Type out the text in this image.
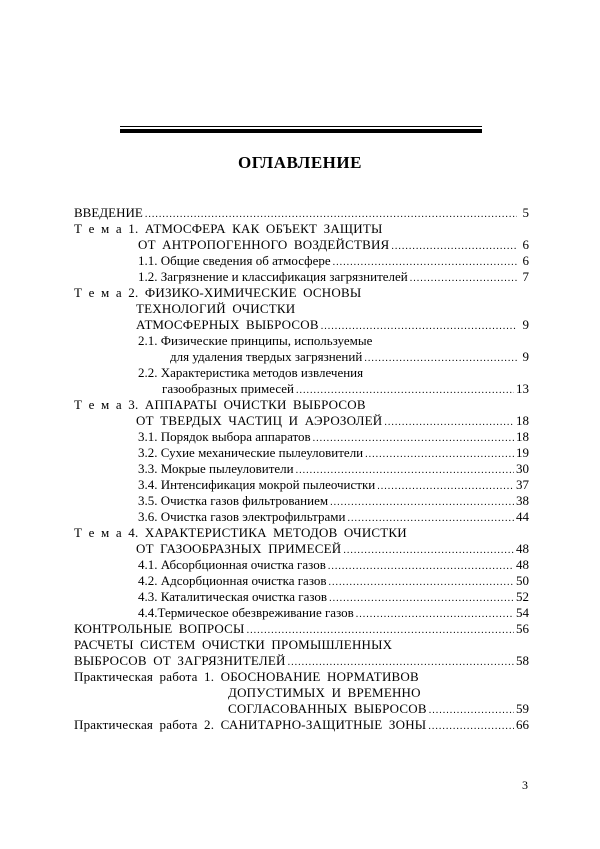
ОГЛАВЛЕНИЕ
ВВЕДЕНИЕ .....	5
Т е м а 1. АТМОСФЕРА КАК ОБЪЕКТ ЗАЩИТЫ
ОТ АНТРОПОГЕННОГО ВОЗДЕЙСТВИЯ .....	6
1.1. Общие сведения об атмосфере .....	6
1.2. Загрязнение и классификация загрязнителей .....	7
Т е м а 2. ФИЗИКО-ХИМИЧЕСКИЕ ОСНОВЫ
ТЕХНОЛОГИЙ ОЧИСТКИ
АТМОСФЕРНЫХ ВЫБРОСОВ .....	9
2.1. Физические принципы, используемые
для удаления твердых загрязнений .....	9
2.2. Характеристика методов извлечения
газообразных примесей .....	13
Т е м а 3. АППАРАТЫ ОЧИСТКИ ВЫБРОСОВ
ОТ ТВЕРДЫХ ЧАСТИЦ И АЭРОЗОЛЕЙ .....	18
3.1. Порядок выбора аппаратов .....	18
3.2. Сухие механические пылеуловители .....	19
3.3. Мокрые пылеуловители .....	30
3.4. Интенсификация мокрой пылеочистки .....	37
3.5. Очистка газов фильтрованием .....	38
3.6. Очистка газов электрофильтрами .....	44
Т е м а 4. ХАРАКТЕРИСТИКА МЕТОДОВ ОЧИСТКИ
ОТ ГАЗООБРАЗНЫХ ПРИМЕСЕЙ .....	48
4.1. Абсорбционная очистка газов .....	48
4.2. Адсорбционная очистка газов .....	50
4.3. Каталитическая очистка газов .....	52
4.4.Термическое обезвреживание газов .....	54
КОНТРОЛЬНЫЕ ВОПРОСЫ .....	56
РАСЧЕТЫ СИСТЕМ ОЧИСТКИ ПРОМЫШЛЕННЫХ
ВЫБРОСОВ ОТ ЗАГРЯЗНИТЕЛЕЙ .....	58
Практическая работа 1. ОБОСНОВАНИЕ НОРМАТИВОВ
ДОПУСТИМЫХ И ВРЕМЕННО
СОГЛАСОВАННЫХ ВЫБРОСОВ .....	59
Практическая работа 2. САНИТАРНО-ЗАЩИТНЫЕ ЗОНЫ .....	66
3
